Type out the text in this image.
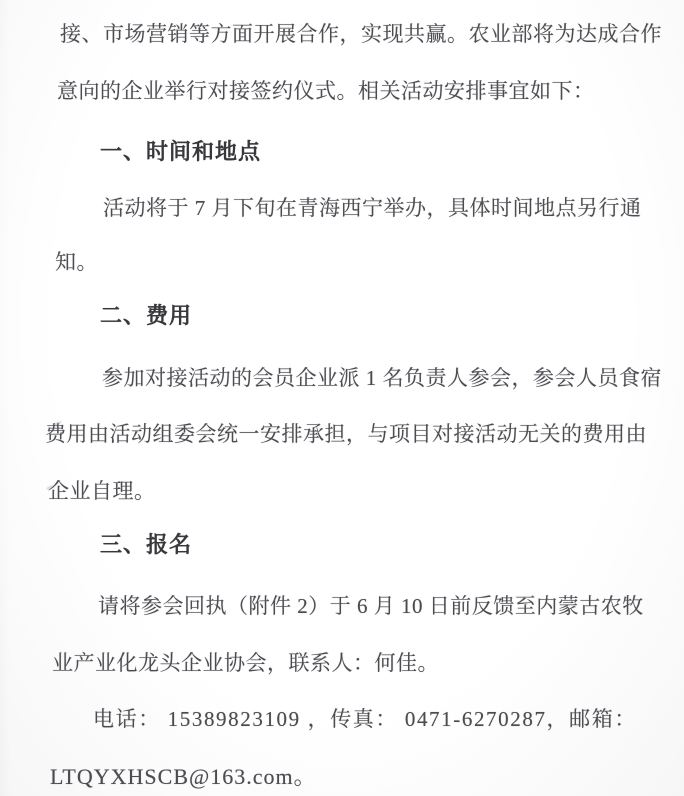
接、市场营销等方面开展合作，实现共赢。农业部将为达成合作
意向的企业举行对接签约仪式。相关活动安排事宜如下：
一、时间和地点
活动将于 7 月下旬在青海西宁举办，具体时间地点另行通
知。
二、费用
参加对接活动的会员企业派 1 名负责人参会，参会人员食宿
费用由活动组委会统一安排承担，与项目对接活动无关的费用由
企业自理。
三、报名
请将参会回执（附件 2）于 6 月 10 日前反馈至内蒙古农牧
业产业化龙头企业协会，联系人：何佳。
电话： 15389823109 ，传真： 0471-6270287，邮箱：
LTQYXHSCB@163.com。
